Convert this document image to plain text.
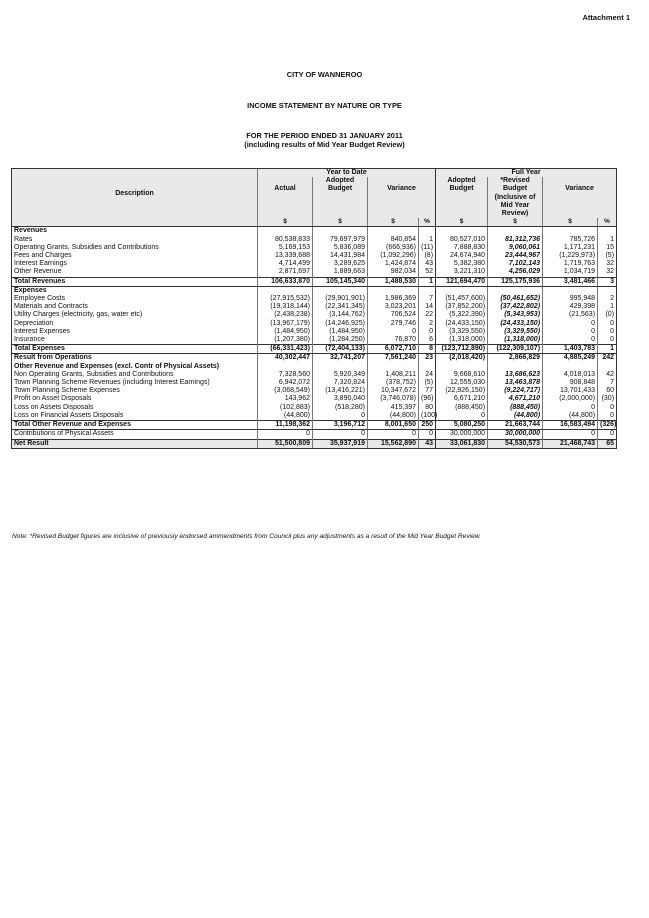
Attachment 1
CITY OF WANNEROO
INCOME STATEMENT BY NATURE OR TYPE
FOR THE PERIOD ENDED 31 JANUARY 2011
(including results of Mid Year Budget Review)
Description	Year to Date				Full Year			
		Adopted			Adopted	*Revised		
	Actual	Budget	Variance		Budget	Budget	Variance	
						(Inclusive of		
						Mid Year		
						Review)		
	$	$	$	%	$	$	$	%
Revenues								
Rates	80,538,833	79,697,979	840,854	1	80,527,010	81,312,736	785,726	1
Operating Grants, Subsidies and Contributions	5,169,153	5,836,089	(666,936)	(11)	7,888,830	9,060,061	1,171,231	15
Fees and Charges	13,339,688	14,431,984	(1,092,296)	(8)	24,674,940	23,444,967	(1,229,973)	(5)
Interest Earnings	4,714,499	3,289,625	1,424,874	43	5,382,380	7,102,143	1,719,763	32
Other Revenue	2,871,697	1,889,663	982,034	52	3,221,310	4,256,029	1,034,719	32
Total Revenues	106,633,870	105,145,340	1,488,530	1	121,694,470	125,175,936	3,481,466	3
Expenses								
Employee Costs	(27,915,532)	(29,901,901)	1,986,369	7	(51,457,600)	(50,461,652)	995,948	2
Materials and Contracts	(19,318,144)	(22,341,345)	3,023,201	14	(37,852,200)	(37,422,802)	429,398	1
Utility Charges (electricity, gas, water etc)	(2,438,238)	(3,144,762)	706,524	22	(5,322,390)	(5,343,953)	(21,563)	(0)
Depreciation	(13,967,179)	(14,246,925)	279,746	2	(24,433,150)	(24,433,150)	0	0
Interest Expenses	(1,484,950)	(1,484,950)	0	0	(3,329,550)	(3,329,550)	0	0
Insurance	(1,207,380)	(1,284,250)	76,870	6	(1,318,000)	(1,318,000)	0	0
Total Expenses	(66,331,423)	(72,404,133)	6,072,710	8	(123,712,890)	(122,309,107)	1,403,783	1
Result from Operations	40,302,447	32,741,207	7,561,240	23	(2,018,420)	2,866,829	4,885,249	242
Other Revenue and Expenses (excl. Contr of Physical Assets)								
Non Operating Grants, Subsidies and Contributions	7,328,560	5,920,349	1,408,211	24	9,668,610	13,686,623	4,018,013	42
Town Planning Scheme Revenues (including Interest Earnings)	6,942,072	7,320,824	(378,752)	(5)	12,555,030	13,463,878	908,848	7
Town Planning Scheme Expenses	(3,068,549)	(13,416,221)	10,347,672	77	(22,926,150)	(9,224,717)	13,701,433	60
Profit on Asset Disposals	143,962	3,890,040	(3,746,078)	(96)	6,671,210	4,671,210	(2,000,000)	(30)
Loss on Assets Disposals	(102,883)	(518,280)	415,397	80	(888,450)	(888,450)	0	0
Loss on Financial Assets Disposals	(44,800)	0	(44,800)	(100)	0	(44,800)	(44,800)	0
Total Other Revenue and Expenses	11,198,362	3,196,712	8,001,650	250	5,080,250	21,663,744	16,583,494	(326)
Contributions of Physical Assets	0	0	0	0	30,000,000	30,000,000	0	0
Net Result	51,500,809	35,937,919	15,562,890	43	33,061,830	54,530,573	21,468,743	65
Note: *Revised Budget figures are inclusive of previously endorsed ammendments from Council plus any adjustments as a result of the Mid Year Budget Review.
